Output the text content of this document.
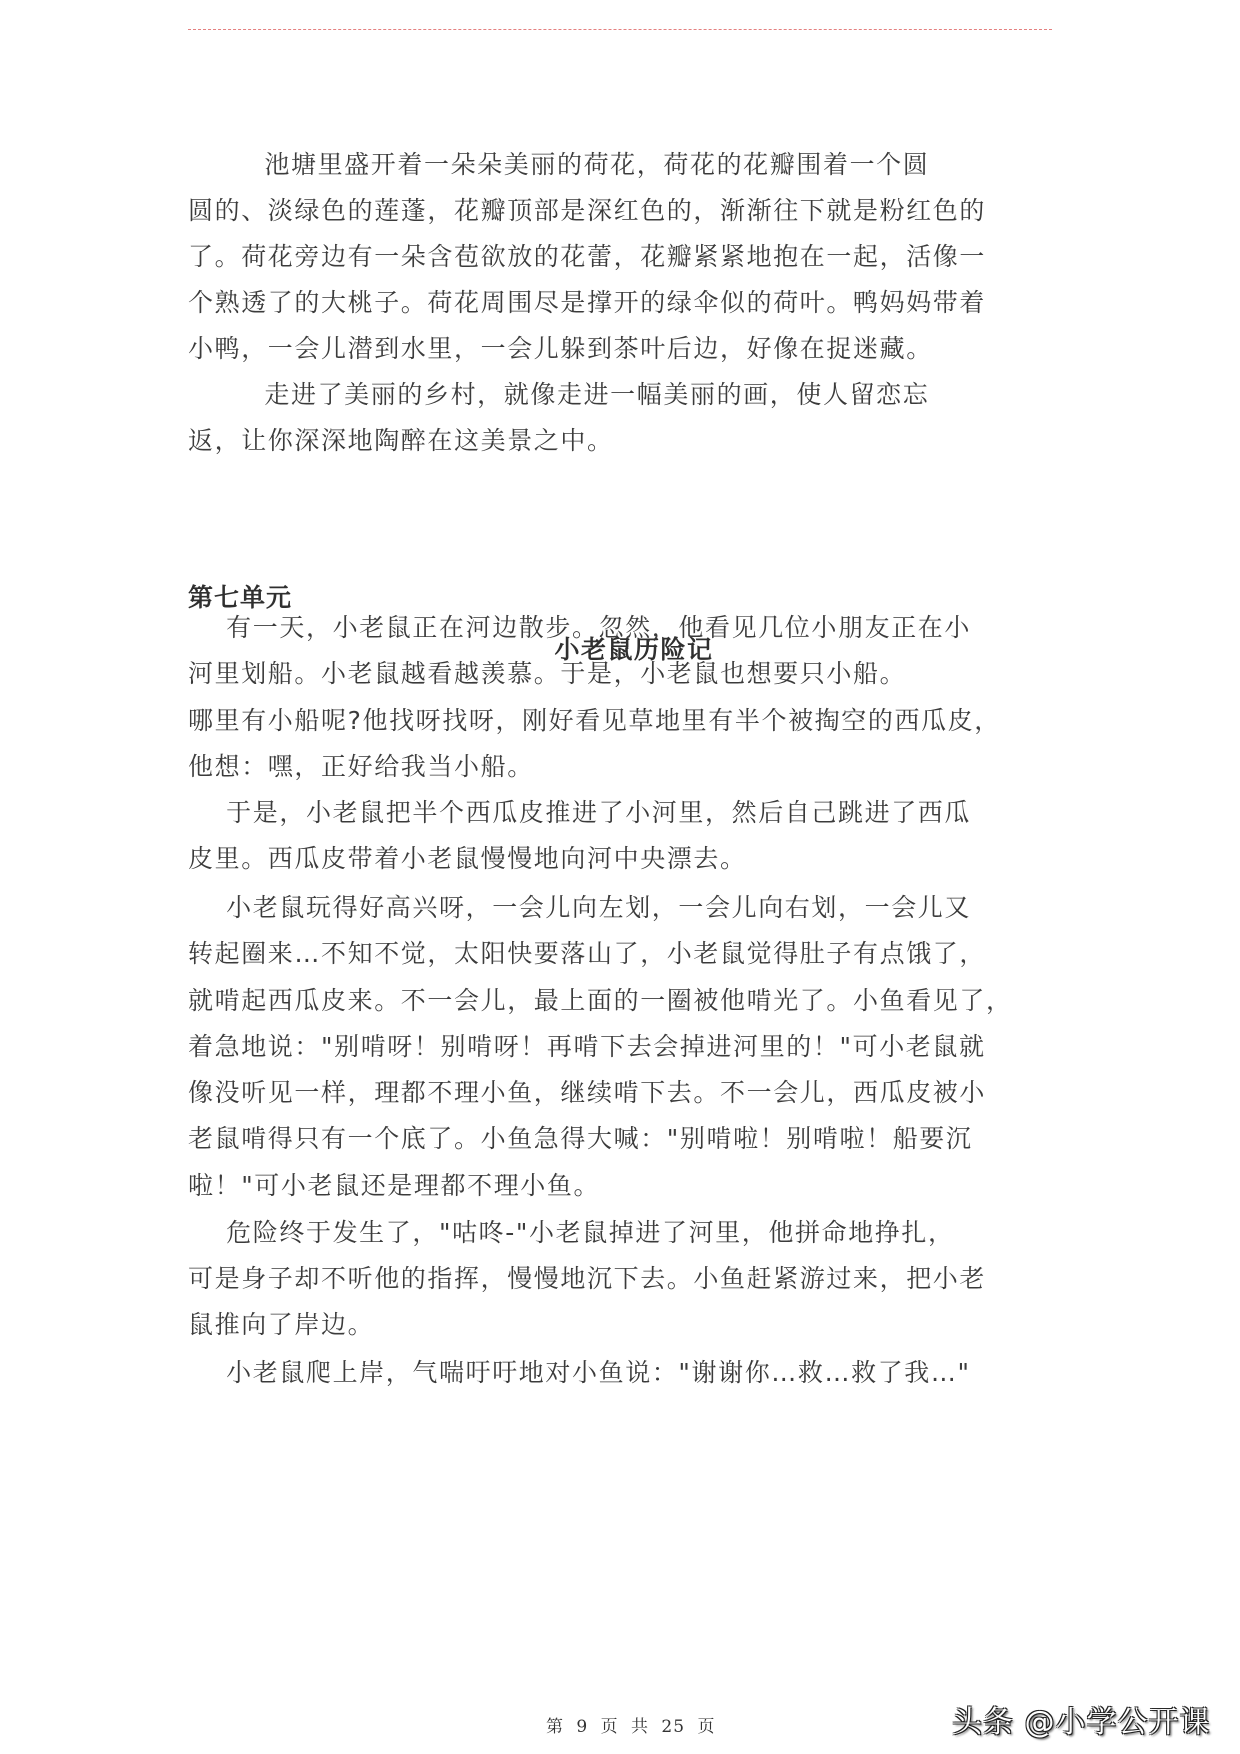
池塘里盛开着一朵朵美丽的荷花，荷花的花瓣围着一个圆
圆的、淡绿色的莲蓬，花瓣顶部是深红色的，渐渐往下就是粉红色的
了。荷花旁边有一朵含苞欲放的花蕾，花瓣紧紧地抱在一起，活像一
个熟透了的大桃子。荷花周围尽是撑开的绿伞似的荷叶。鸭妈妈带着
小鸭，一会儿潜到水里，一会儿躲到茶叶后边，好像在捉迷藏。
走进了美丽的乡村，就像走进一幅美丽的画，使人留恋忘
返，让你深深地陶醉在这美景之中。
第七单元
小老鼠历险记
有一天，小老鼠正在河边散步。忽然，他看见几位小朋友正在小
河里划船。小老鼠越看越羡慕。于是，小老鼠也想要只小船。
哪里有小船呢?他找呀找呀，刚好看见草地里有半个被掏空的西瓜皮，
他想：嘿，正好给我当小船。
于是，小老鼠把半个西瓜皮推进了小河里，然后自己跳进了西瓜
皮里。西瓜皮带着小老鼠慢慢地向河中央漂去。
小老鼠玩得好高兴呀，一会儿向左划，一会儿向右划，一会儿又
转起圈来…不知不觉，太阳快要落山了，小老鼠觉得肚子有点饿了，
就啃起西瓜皮来。不一会儿，最上面的一圈被他啃光了。小鱼看见了，
着急地说："别啃呀！别啃呀！再啃下去会掉进河里的！"可小老鼠就
像没听见一样，理都不理小鱼，继续啃下去。不一会儿，西瓜皮被小
老鼠啃得只有一个底了。小鱼急得大喊："别啃啦！别啃啦！船要沉
啦！"可小老鼠还是理都不理小鱼。
危险终于发生了，"咕咚-"小老鼠掉进了河里，他拼命地挣扎，
可是身子却不听他的指挥，慢慢地沉下去。小鱼赶紧游过来，把小老
鼠推向了岸边。
小老鼠爬上岸，气喘吁吁地对小鱼说："谢谢你…救…救了我…"
第 9 页 共 25 页	头条 @小学公开课
